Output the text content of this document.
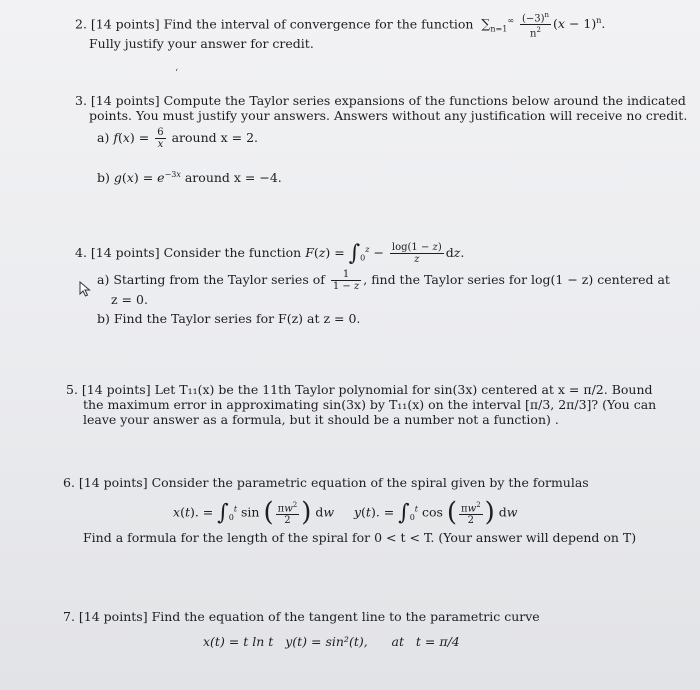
2. [14 points] Find the interval of convergence for the function  $\sum_{n=1}^\infty \frac{(-3)^n}{n^2} (x - 1)^n$.
Fully justify your answer for credit.
ʻ
3. [14 points] Compute the Taylor series expansions of the functions below around the indicated
points. You must justify your answers. Answers without any justification will receive no credit.
a) $f(x) = \frac{6}{x}$ around x = 2.
b) $g(x) = e^{-3x}$ around x = −4.
4. [14 points] Consider the function $F(z) = \int_0^z - \frac{\log(1 - z)}{z}$ dz.
a) Starting from the Taylor series of $\frac{1}{1 - z}$ , find the Taylor series for log(1 − z) centered at
z = 0.
b) Find the Taylor series for F(z) at z = 0.
5. [14 points] Let T₁₁(x) be the 11th Taylor polynomial for sin(3x) centered at x = π/2. Bound
the maximum error in approximating sin(3x) by T₁₁(x) on the interval [π/3, 2π/3]? (You can
leave your answer as a formula, but it should be a number not a function) .
6. [14 points] Consider the parametric equation of the spiral given by the formulas
x(t). = $\int_0^t$ sin ( $\frac{\pi w^2}{2}$ ) dw y(t). = $\int_0^t$ cos ( $\frac{\pi w^2}{2}$ ) dw
Find a formula for the length of the spiral for 0 < t < T. (Your answer will depend on T)
7. [14 points] Find the equation of the tangent line to the parametric curve
x(t) = t ln t   y(t) = sin²(t),      at   t = π/4
